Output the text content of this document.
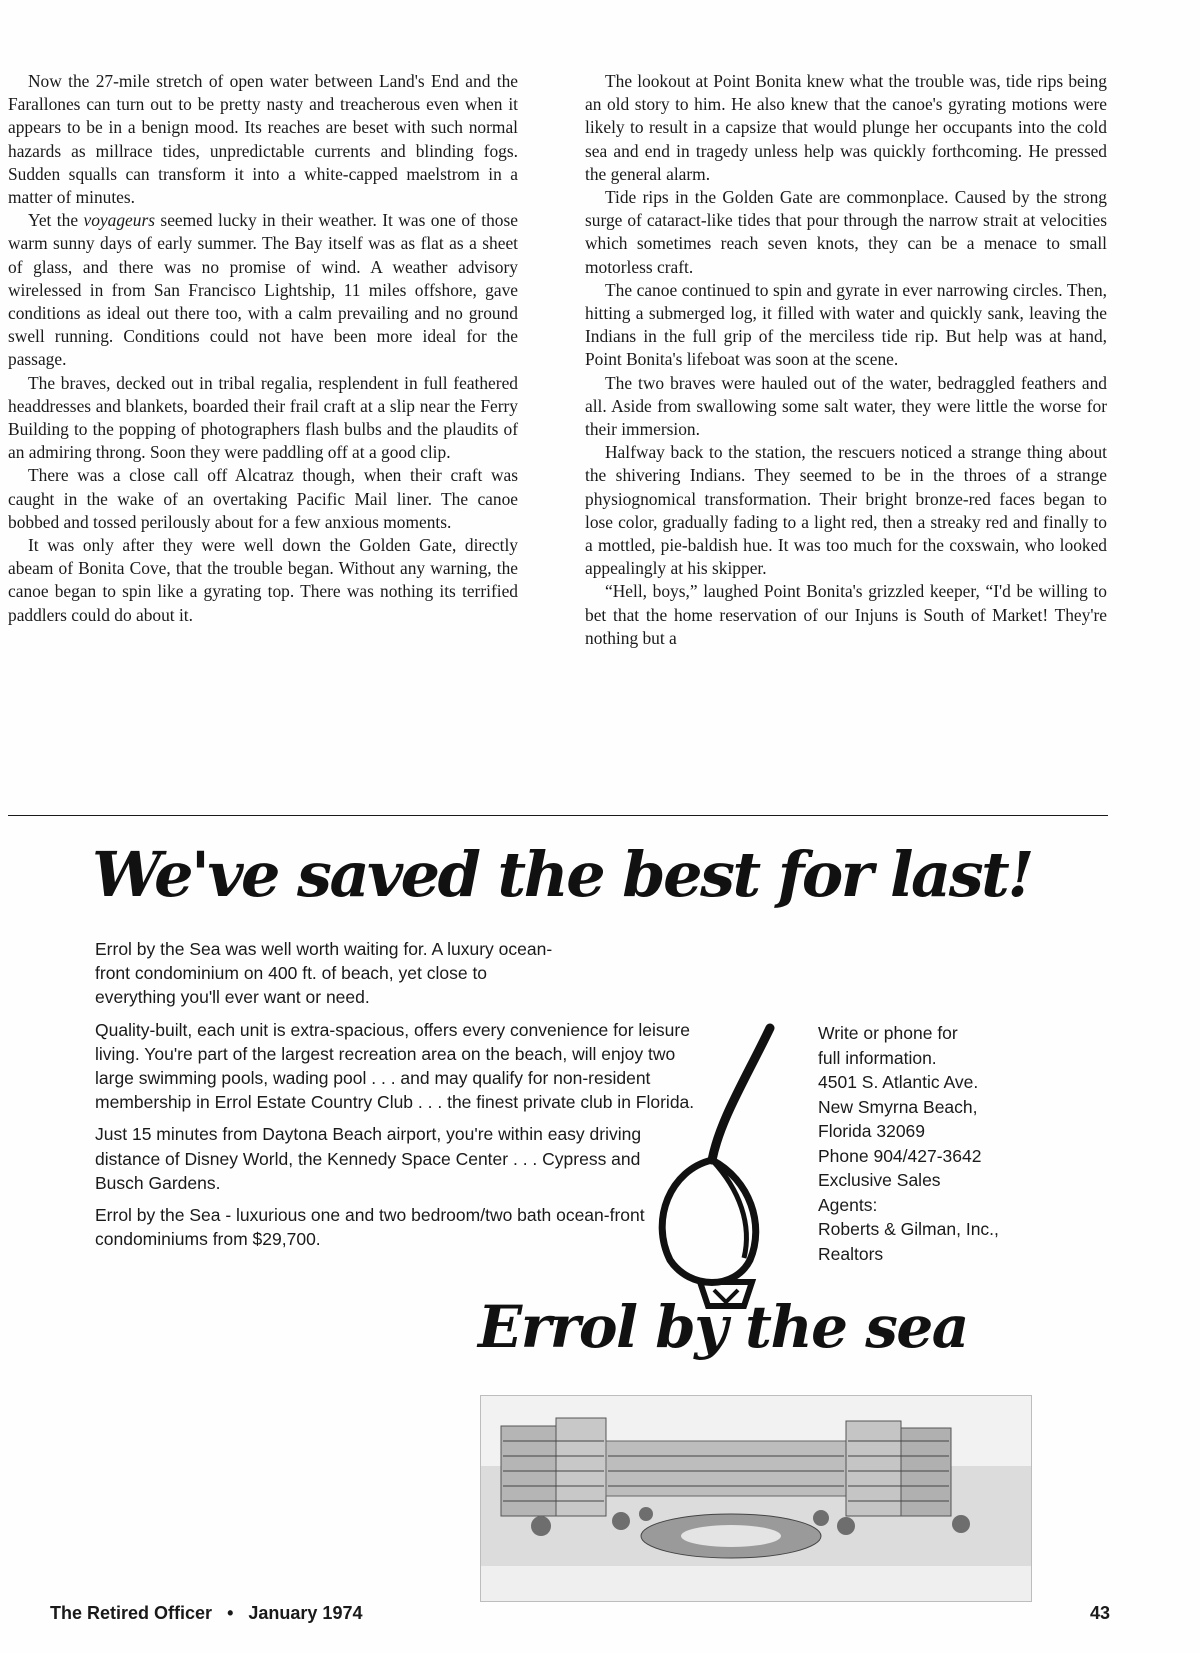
Now the 27-mile stretch of open water between Land's End and the Farallones can turn out to be pretty nasty and treacherous even when it appears to be in a benign mood. Its reaches are beset with such normal hazards as millrace tides, unpredictable currents and blinding fogs. Sudden squalls can transform it into a white-capped maelstrom in a matter of minutes.

Yet the voyageurs seemed lucky in their weather. It was one of those warm sunny days of early summer. The Bay itself was as flat as a sheet of glass, and there was no promise of wind. A weather advisory wirelessed in from San Francisco Lightship, 11 miles offshore, gave conditions as ideal out there too, with a calm prevailing and no ground swell running. Conditions could not have been more ideal for the passage.

The braves, decked out in tribal regalia, resplendent in full feathered headdresses and blankets, boarded their frail craft at a slip near the Ferry Building to the popping of photographers flash bulbs and the plaudits of an admiring throng. Soon they were paddling off at a good clip.

There was a close call off Alcatraz though, when their craft was caught in the wake of an overtaking Pacific Mail liner. The canoe bobbed and tossed perilously about for a few anxious moments.

It was only after they were well down the Golden Gate, directly abeam of Bonita Cove, that the trouble began. Without any warning, the canoe began to spin like a gyrating top. There was nothing its terrified paddlers could do about it.

The lookout at Point Bonita knew what the trouble was, tide rips being an old story to him. He also knew that the canoe's gyrating motions were likely to result in a capsize that would plunge her occupants into the cold sea and end in tragedy unless help was quickly forthcoming. He pressed the general alarm.

Tide rips in the Golden Gate are commonplace. Caused by the strong surge of cataract-like tides that pour through the narrow strait at velocities which sometimes reach seven knots, they can be a menace to small motorless craft.

The canoe continued to spin and gyrate in ever narrowing circles. Then, hitting a submerged log, it filled with water and quickly sank, leaving the Indians in the full grip of the merciless tide rip. But help was at hand, Point Bonita's lifeboat was soon at the scene.

The two braves were hauled out of the water, bedraggled feathers and all. Aside from swallowing some salt water, they were little the worse for their immersion.

Halfway back to the station, the rescuers noticed a strange thing about the shivering Indians. They seemed to be in the throes of a strange physiognomical transformation. Their bright bronze-red faces began to lose color, gradually fading to a light red, then a streaky red and finally to a mottled, pie-baldish hue. It was too much for the coxswain, who looked appealingly at his skipper.

“Hell, boys,” laughed Point Bonita's grizzled keeper, “I'd be willing to bet that the home reservation of our Injuns is South of Market! They're nothing but a

We've saved the best for last!

Errol by the Sea was well worth waiting for. A luxury ocean-front condominium on 400 ft. of beach, yet close to everything you'll ever want or need.

Quality-built, each unit is extra-spacious, offers every convenience for leisure living. You're part of the largest recreation area on the beach, will enjoy two large swimming pools, wading pool . . . and may qualify for non-resident membership in Errol Estate Country Club . . . the finest private club in Florida.

Just 15 minutes from Daytona Beach airport, you're within easy driving distance of Disney World, the Kennedy Space Center . . . Cypress and Busch Gardens.

Errol by the Sea - luxurious one and two bedroom/two bath ocean-front condominiums from $29,700.

Write or phone for
full information.
4501 S. Atlantic Ave.
New Smyrna Beach,
Florida 32069
Phone 904/427-3642
Exclusive Sales
Agents:
Roberts & Gilman, Inc.,
Realtors
Errol by the sea
The Retired Officer • January 1974	43
